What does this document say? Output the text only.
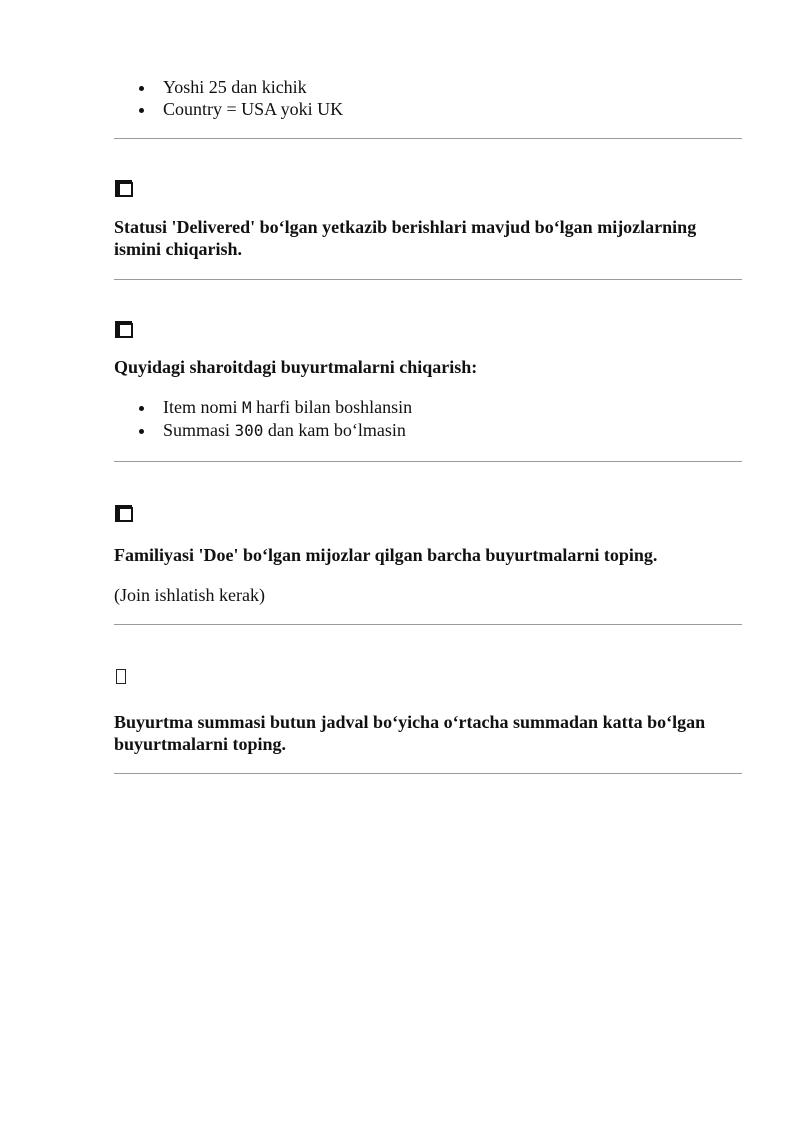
Yoshi 25 dan kichik
Country = USA yoki UK

Statusi 'Delivered' bo‘lgan yetkazib berishlari mavjud bo‘lgan mijozlarning ismini chiqarish.

Quyidagi sharoitdagi buyurtmalarni chiqarish:

Item nomi M harfi bilan boshlansin
Summasi 300 dan kam bo‘lmasin

Familiyasi 'Doe' bo‘lgan mijozlar qilgan barcha buyurtmalarni toping.

(Join ishlatish kerak)

Buyurtma summasi butun jadval bo‘yicha o‘rtacha summadan katta bo‘lgan buyurtmalarni toping.
